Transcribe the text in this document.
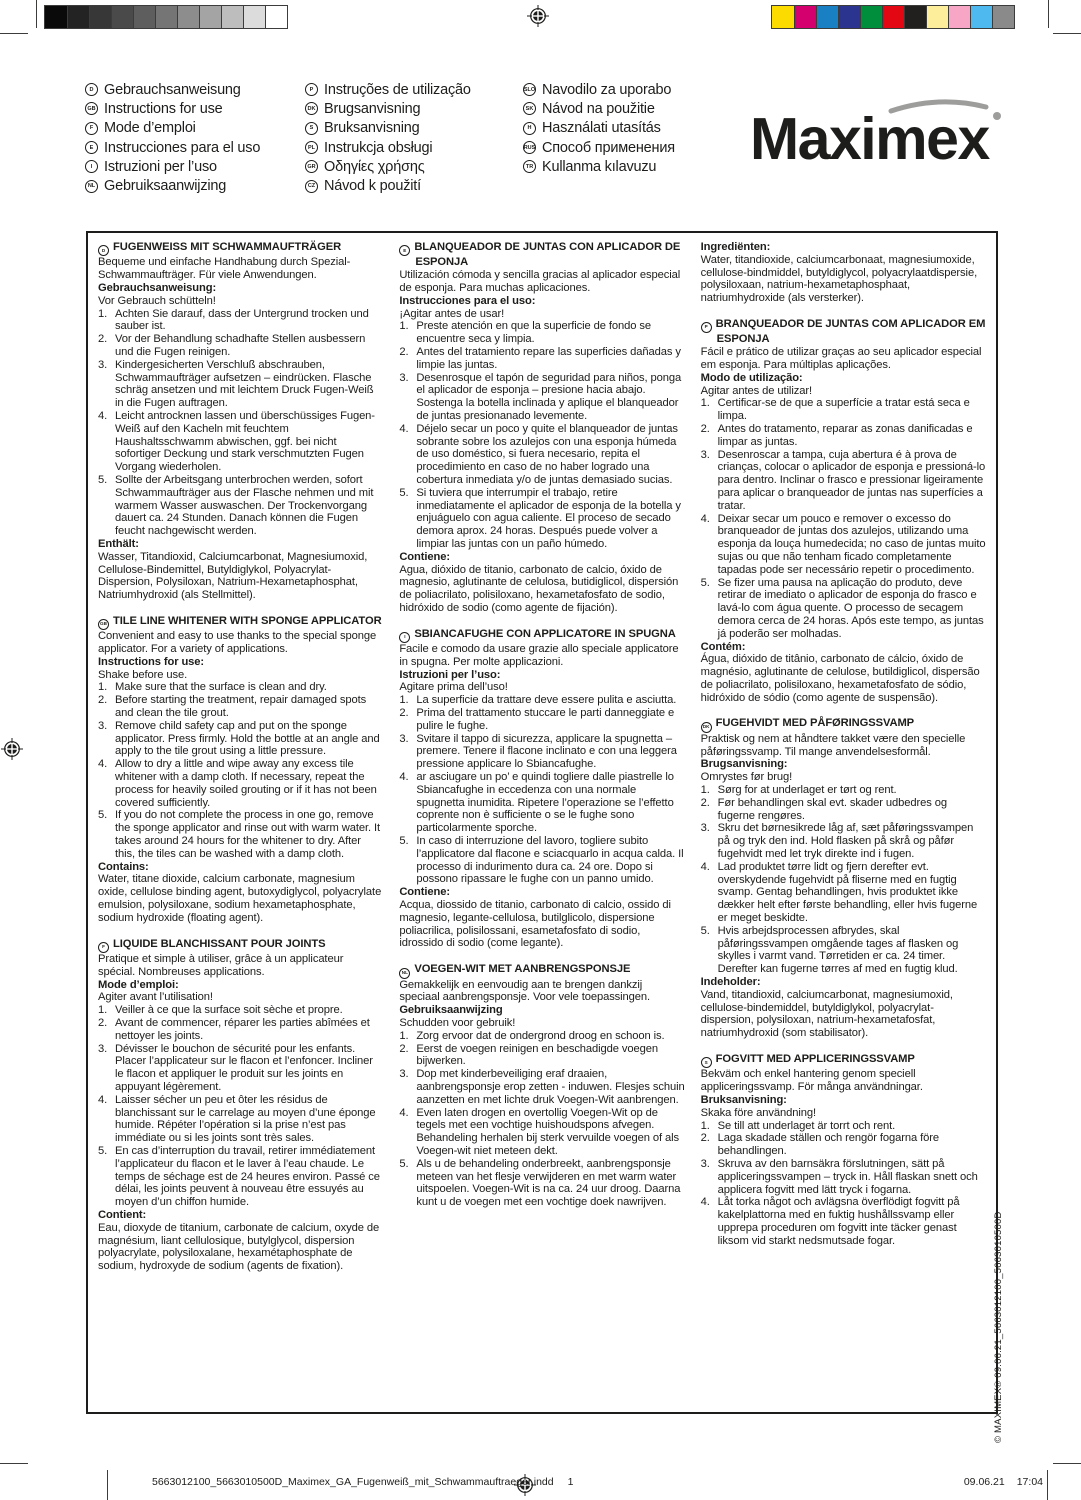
D Gebrauchsanweisung
GB Instructions for use
F Mode d’emploi
E Instrucciones para el uso
I Istruzioni per l’uso
NL Gebruiksaanwijzing
P Instruções de utilização
DK Brugsanvisning
S Bruksanvisning
PL Instrukcja obsługi
GR Οδηγίες χρήσης
CZ Návod k použití
SLO Navodilo za uporabo
SK Návod na použitie
H Használati utasítás
RUS Способ применения
TR Kullanma kılavuzu Maximex
D FUGENWEISS MIT SCHWAMMAUFTRÄGER
Bequeme und einfache Handhabung durch Spezial- Schwammaufträger. Für viele Anwendungen.
Gebrauchsanweisung:
Vor Gebrauch schütteln!
1. Achten Sie darauf, dass der Untergrund trocken und sauber ist.
2. Vor der Behandlung schadhafte Stellen ausbessern und die Fugen reinigen.
3. Kindergesicherten Verschluß abschrauben, Schwammaufträger aufsetzen – eindrücken. Flasche schräg ansetzen und mit leichtem Druck Fugen-Weiß in die Fugen auftragen.
4. Leicht antrocknen lassen und überschüssiges Fugen-Weiß auf den Kacheln mit feuchtem Haushaltsschwamm abwischen, ggf. bei nicht sofortiger Deckung und stark verschmutzten Fugen Vorgang wiederholen.
5. Sollte der Arbeitsgang unterbrochen werden, sofort Schwammaufträger aus der Flasche nehmen und mit warmem Wasser auswaschen. Der Trockenvorgang dauert ca. 24 Stunden. Danach können die Fugen feucht nachgewischt werden.
Enthält:
Wasser, Titandioxid, Calciumcarbonat, Magnesiumoxid, Cellulose-Bindemittel, Butyldiglykol, Polyacrylat-Dispersion, Polysiloxan, Natrium-Hexametaphosphat, Natriumhydroxid (als Stellmittel).
GB TILE LINE WHITENER WITH SPONGE APPLICATOR
Convenient and easy to use thanks to the special sponge applicator. For a variety of applications.
Instructions for use:
Shake before use.
1. Make sure that the surface is clean and dry.
2. Before starting the treatment, repair damaged spots and clean the tile grout.
3. Remove child safety cap and put on the sponge applicator. Press firmly. Hold the bottle at an angle and apply to the tile grout using a little pressure.
4. Allow to dry a little and wipe away any excess tile whitener with a damp cloth. If necessary, repeat the process for heavily soiled grouting or if it has not been covered sufficiently.
5. If you do not complete the process in one go, remove the sponge applicator and rinse out with warm water. It takes around 24 hours for the whitener to dry. After this, the tiles can be washed with a damp cloth.
Contains:
Water, titane dioxide, calcium carbonate, magnesium oxide, cellulose binding agent, butoxydiglycol, polyacrylate emulsion, polysiloxane, sodium hexametaphosphate, sodium hydroxide (floating agent).
F LIQUIDE BLANCHISSANT POUR JOINTS
Pratique et simple à utiliser, grâce à un applicateur spécial. Nombreuses applications.
Mode d’emploi:
Agiter avant l’utilisation!
1. Veiller à ce que la surface soit sèche et propre.
2. Avant de commencer, réparer les parties abîmées et nettoyer les joints.
3. Dévisser le bouchon de sécurité pour les enfants. Placer l’applicateur sur le flacon et l’enfoncer. Incliner le flacon et appliquer le produit sur les joints en appuyant légèrement.
4. Laisser sécher un peu et ôter les résidus de blanchissant sur le carrelage au moyen d’une éponge humide. Répéter l’opération si la prise n’est pas immédiate ou si les joints sont très sales.
5. En cas d’interruption du travail, retirer immédiatement l’applicateur du flacon et le laver à l’eau chaude. Le temps de séchage est de 24 heures environ. Passé ce délai, les joints peuvent à nouveau être essuyés au moyen d’un chiffon humide.
Contient:
Eau, dioxyde de titanium, carbonate de calcium, oxyde de magnésium, liant cellulosique, butylglycol, dispersion polyacrylate, polysiloxalane, hexamétaphosphate de sodium, hydroxyde de sodium (agents de fixation).
E BLANQUEADOR DE JUNTAS CON APLICADOR DE ESPONJA
Utilización cómoda y sencilla gracias al aplicador especial de esponja. Para muchas aplicaciones.
Instrucciones para el uso:
¡Agitar antes de usar!
1. Preste atención en que la superficie de fondo se encuentre seca y limpia.
2. Antes del tratamiento repare las superficies dañadas y limpie las juntas.
3. Desenrosque el tapón de seguridad para niños, ponga el aplicador de esponja – presione hacia abajo. Sostenga la botella inclinada y aplique el blanqueador de juntas presionanado levemente.
4. Déjelo secar un poco y quite el blanqueador de juntas sobrante sobre los azulejos con una esponja húmeda de uso doméstico, si fuera necesario, repita el procedimiento en caso de no haber logrado una cobertura inmediata y/o de juntas demasiado sucias.
5. Si tuviera que interrumpir el trabajo, retire inmediatamente el aplicador de esponja de la botella y enjuáguelo con agua caliente. El proceso de secado demora aprox. 24 horas. Después puede volver a limpiar las juntas con un paño húmedo.
Contiene:
Agua, dióxido de titanio, carbonato de calcio, óxido de magnesio, aglutinante de celulosa, butidiglicol, dispersión de poliacrilato, polisiloxano, hexametafosfato de sodio, hidróxido de sodio (como agente de fijación).
I SBIANCAFUGHE CON APPLICATORE IN SPUGNA
Facile e comodo da usare grazie allo speciale applicatore in spugna. Per molte applicazioni.
Istruzioni per l’uso:
Agitare prima dell’uso!
1. La superficie da trattare deve essere pulita e asciutta.
2. Prima del trattamento stuccare le parti danneggiate e pulire le fughe.
3. Svitare il tappo di sicurezza, applicare la spugnetta – premere. Tenere il flacone inclinato e con una leggera pressione applicare lo Sbiancafughe.
4. ar asciugare un po’ e quindi togliere dalle piastrelle lo Sbiancafughe in eccedenza con una normale spugnetta inumidita. Ripetere l’operazione se l’effetto coprente non è sufficiente o se le fughe sono particolarmente sporche.
5. In caso di interruzione del lavoro, togliere subito l’applicatore dal flacone e sciacquarlo in acqua calda. Il processo di indurimento dura ca. 24 ore. Dopo si possono ripassare le fughe con un panno umido.
Contiene:
Acqua, diossido de titanio, carbonato di calcio, ossido di magnesio, legante-cellulosa, butilglicolo, dispersione poliacrilica, polisilossani, esametafosfato di sodio, idrossido di sodio (come legante).
NL VOEGEN-WIT MET AANBRENGSPONSJE
Gemakkelijk en eenvoudig aan te brengen dankzij speciaal aanbrengsponsje. Voor vele toepassingen.
Gebruiksaanwijzing
Schudden voor gebruik!
1. Zorg ervoor dat de ondergrond droog en schoon is.
2. Eerst de voegen reinigen en beschadigde voegen bijwerken.
3. Dop met kinderbeveiliging eraf draaien, aanbrengsponsje erop zetten - induwen. Flesjes schuin aanzetten en met lichte druk Voegen-Wit aanbrengen.
4. Even laten drogen en overtollig Voegen-Wit op de tegels met een vochtige huishoudspons afvegen. Behandeling herhalen bij sterk vervuilde voegen of als Voegen-wit niet meteen dekt.
5. Als u de behandeling onderbreekt, aanbrengsponsje meteen van het flesje verwijderen en met warm water uitspoelen. Voegen-Wit is na ca. 24 uur droog. Daarna kunt u de voegen met een vochtige doek nawrijven.
Ingrediënten:
Water, titandioxide, calciumcarbonaat, magnesiumoxide, cellulose-bindmiddel, butyldiglycol, polyacrylaatdispersie, polysiloxaan, natrium-hexametaphosphaat, natriumhydroxide (als versterker).
P BRANQUEADOR DE JUNTAS COM APLICADOR EM ESPONJA
Fácil e prático de utilizar graças ao seu aplicador especial em esponja. Para múltiplas aplicações.
Modo de utilização:
Agitar antes de utilizar!
1. Certificar-se de que a superfície a tratar está seca e limpa.
2. Antes do tratamento, reparar as zonas danificadas e limpar as juntas.
3. Desenroscar a tampa, cuja abertura é à prova de crianças, colocar o aplicador de esponja e pressioná-lo para dentro. Inclinar o frasco e pressionar ligeiramente para aplicar o branqueador de juntas nas superfícies a tratar.
4. Deixar secar um pouco e remover o excesso do branqueador de juntas dos azulejos, utilizando uma esponja da louça humedecida; no caso de juntas muito sujas ou que não tenham ficado completamente tapadas pode ser necessário repetir o procedimento.
5. Se fizer uma pausa na aplicação do produto, deve retirar de imediato o aplicador de esponja do frasco e lavá-lo com água quente. O processo de secagem demora cerca de 24 horas. Após este tempo, as juntas já poderão ser molhadas.
Contém:
Água, dióxido de titânio, carbonato de cálcio, óxido de magnésio, aglutinante de celulose, butildiglicol, dispersão de poliacrilato, polisiloxano, hexametafosfato de sódio, hidróxido de sódio (como agente de suspensão).
DK FUGEHVIDT MED PÅFØRINGSSVAMP
Praktisk og nem at håndtere takket være den specielle påføringssvamp. Til mange anvendelsesformål.
Brugsanvisning:
Omrystes før brug!
1. Sørg for at underlaget er tørt og rent.
2. Før behandlingen skal evt. skader udbedres og fugerne rengøres.
3. Skru det børnesikrede låg af, sæt påføringssvampen på og tryk den ind. Hold flasken på skrå og påfør fugehvidt med let tryk direkte ind i fugen.
4. Lad produktet tørre lidt og fjern derefter evt. overskydende fugehvidt på fliserne med en fugtig svamp. Gentag behandlingen, hvis produktet ikke dækker helt efter første behandling, eller hvis fugerne er meget beskidte.
5. Hvis arbejdsprocessen afbrydes, skal påføringssvampen omgående tages af flasken og skylles i varmt vand. Tørretiden er ca. 24 timer. Derefter kan fugerne tørres af med en fugtig klud.
Indeholder:
Vand, titandioxid, calciumcarbonat, magnesiumoxid, cellulose-bindemiddel, butyldiglykol, polyacrylat-dispersion, polysiloxan, natrium-hexametafosfat, natriumhydroxid (som stabilisator).
S FOGVITT MED APPLICERINGSSVAMP
Bekväm och enkel hantering genom speciell appliceringssvamp. För många användningar.
Bruksanvisning:
Skaka före användning!
1. Se till att underlaget är torrt och rent.
2. Laga skadade ställen och rengör fogarna före behandlingen.
3. Skruva av den barnsäkra förslutningen, sätt på appliceringssvampen – tryck in. Håll flaskan snett och applicera fogvitt med lätt tryck i fogarna.
4. Låt torka något och avlägsna överflödigt fogvitt på kakelplattorna med en fuktig hushållssvamp eller upprepa proceduren om fogvitt inte täcker genast liksom vid starkt nedsmutsade fogar.	© MAXIMEX® 09.06.21_5663012100_5663010500D
5663012100_5663010500D_Maximex_GA_Fugenweiß_mit_Schwammauftraeger.indd 1	09.06.21 17:04
